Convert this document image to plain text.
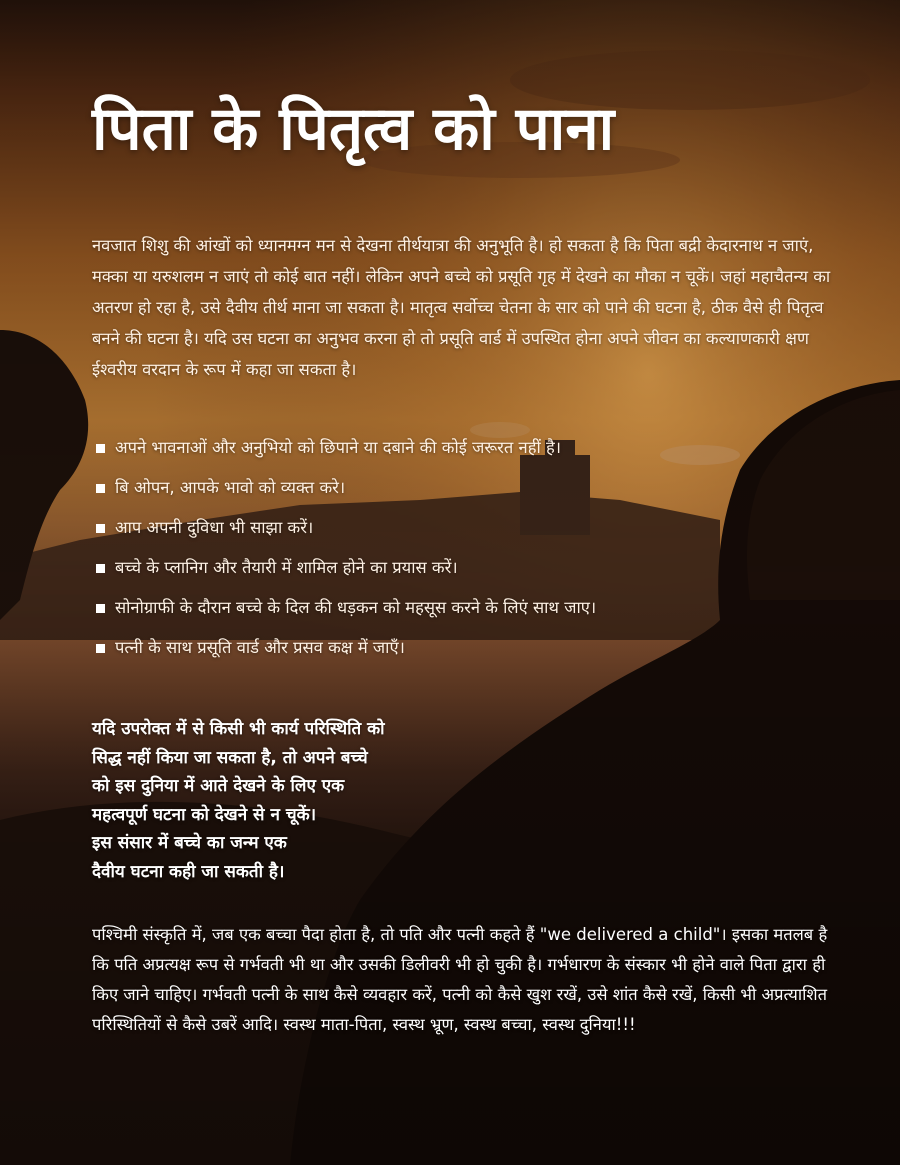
पिता के पितृत्व को पाना

नवजात शिशु की आंखों को ध्यानमग्न मन से देखना तीर्थयात्रा की अनुभूति है। हो सकता है कि पिता बद्री केदारनाथ न जाएं, मक्का या यरुशलम न जाएं तो कोई बात नहीं। लेकिन अपने बच्चे को प्रसूति गृह में देखने का मौका न चूकें। जहां महाचैतन्य का अतरण हो रहा है, उसे दैवीय तीर्थ माना जा सकता है। मातृत्व सर्वोच्च चेतना के सार को पाने की घटना है, ठीक वैसे ही पितृत्व बनने की घटना है। यदि उस घटना का अनुभव करना हो तो प्रसूति वार्ड में उपस्थित होना अपने जीवन का कल्याणकारी क्षण ईश्वरीय वरदान के रूप में कहा जा सकता है।

अपने भावनाओं और अनुभियो को छिपाने या दबाने की कोई जरूरत नहीं है।
बि ओपन, आपके भावो को व्यक्त करे।
आप अपनी दुविधा भी साझा करें।
बच्चे के प्लानिग और तैयारी में शामिल होने का प्रयास करें।
सोनोग्राफी के दौरान बच्चे के दिल की धड़कन को महसूस करने के लिएं साथ जाए।
पत्नी के साथ प्रसूति वार्ड और प्रसव कक्ष में जाएँ।

यदि उपरोक्त में से किसी भी कार्य परिस्थिति को
सिद्ध नहीं किया जा सकता है, तो अपने बच्चे
को इस दुनिया में आते देखने के लिए एक
महत्वपूर्ण घटना को देखने से न चूकें।
इस संसार में बच्चे का जन्म एक
दैवीय घटना कही जा सकती है।

पश्चिमी संस्कृति में, जब एक बच्चा पैदा होता है, तो पति और पत्नी कहते हैं "we delivered a child"। इसका मतलब है कि पति अप्रत्यक्ष रूप से गर्भवती भी था और उसकी डिलीवरी भी हो चुकी है। गर्भधारण के संस्कार भी होने वाले पिता द्वारा ही किए जाने चाहिए। गर्भवती पत्नी के साथ कैसे व्यवहार करें, पत्नी को कैसे खुश रखें, उसे शांत कैसे रखें, किसी भी अप्रत्याशित परिस्थितियों से कैसे उबरें आदि। स्वस्थ माता-पिता, स्वस्थ भ्रूण, स्वस्थ बच्चा, स्वस्थ दुनिया!!!
